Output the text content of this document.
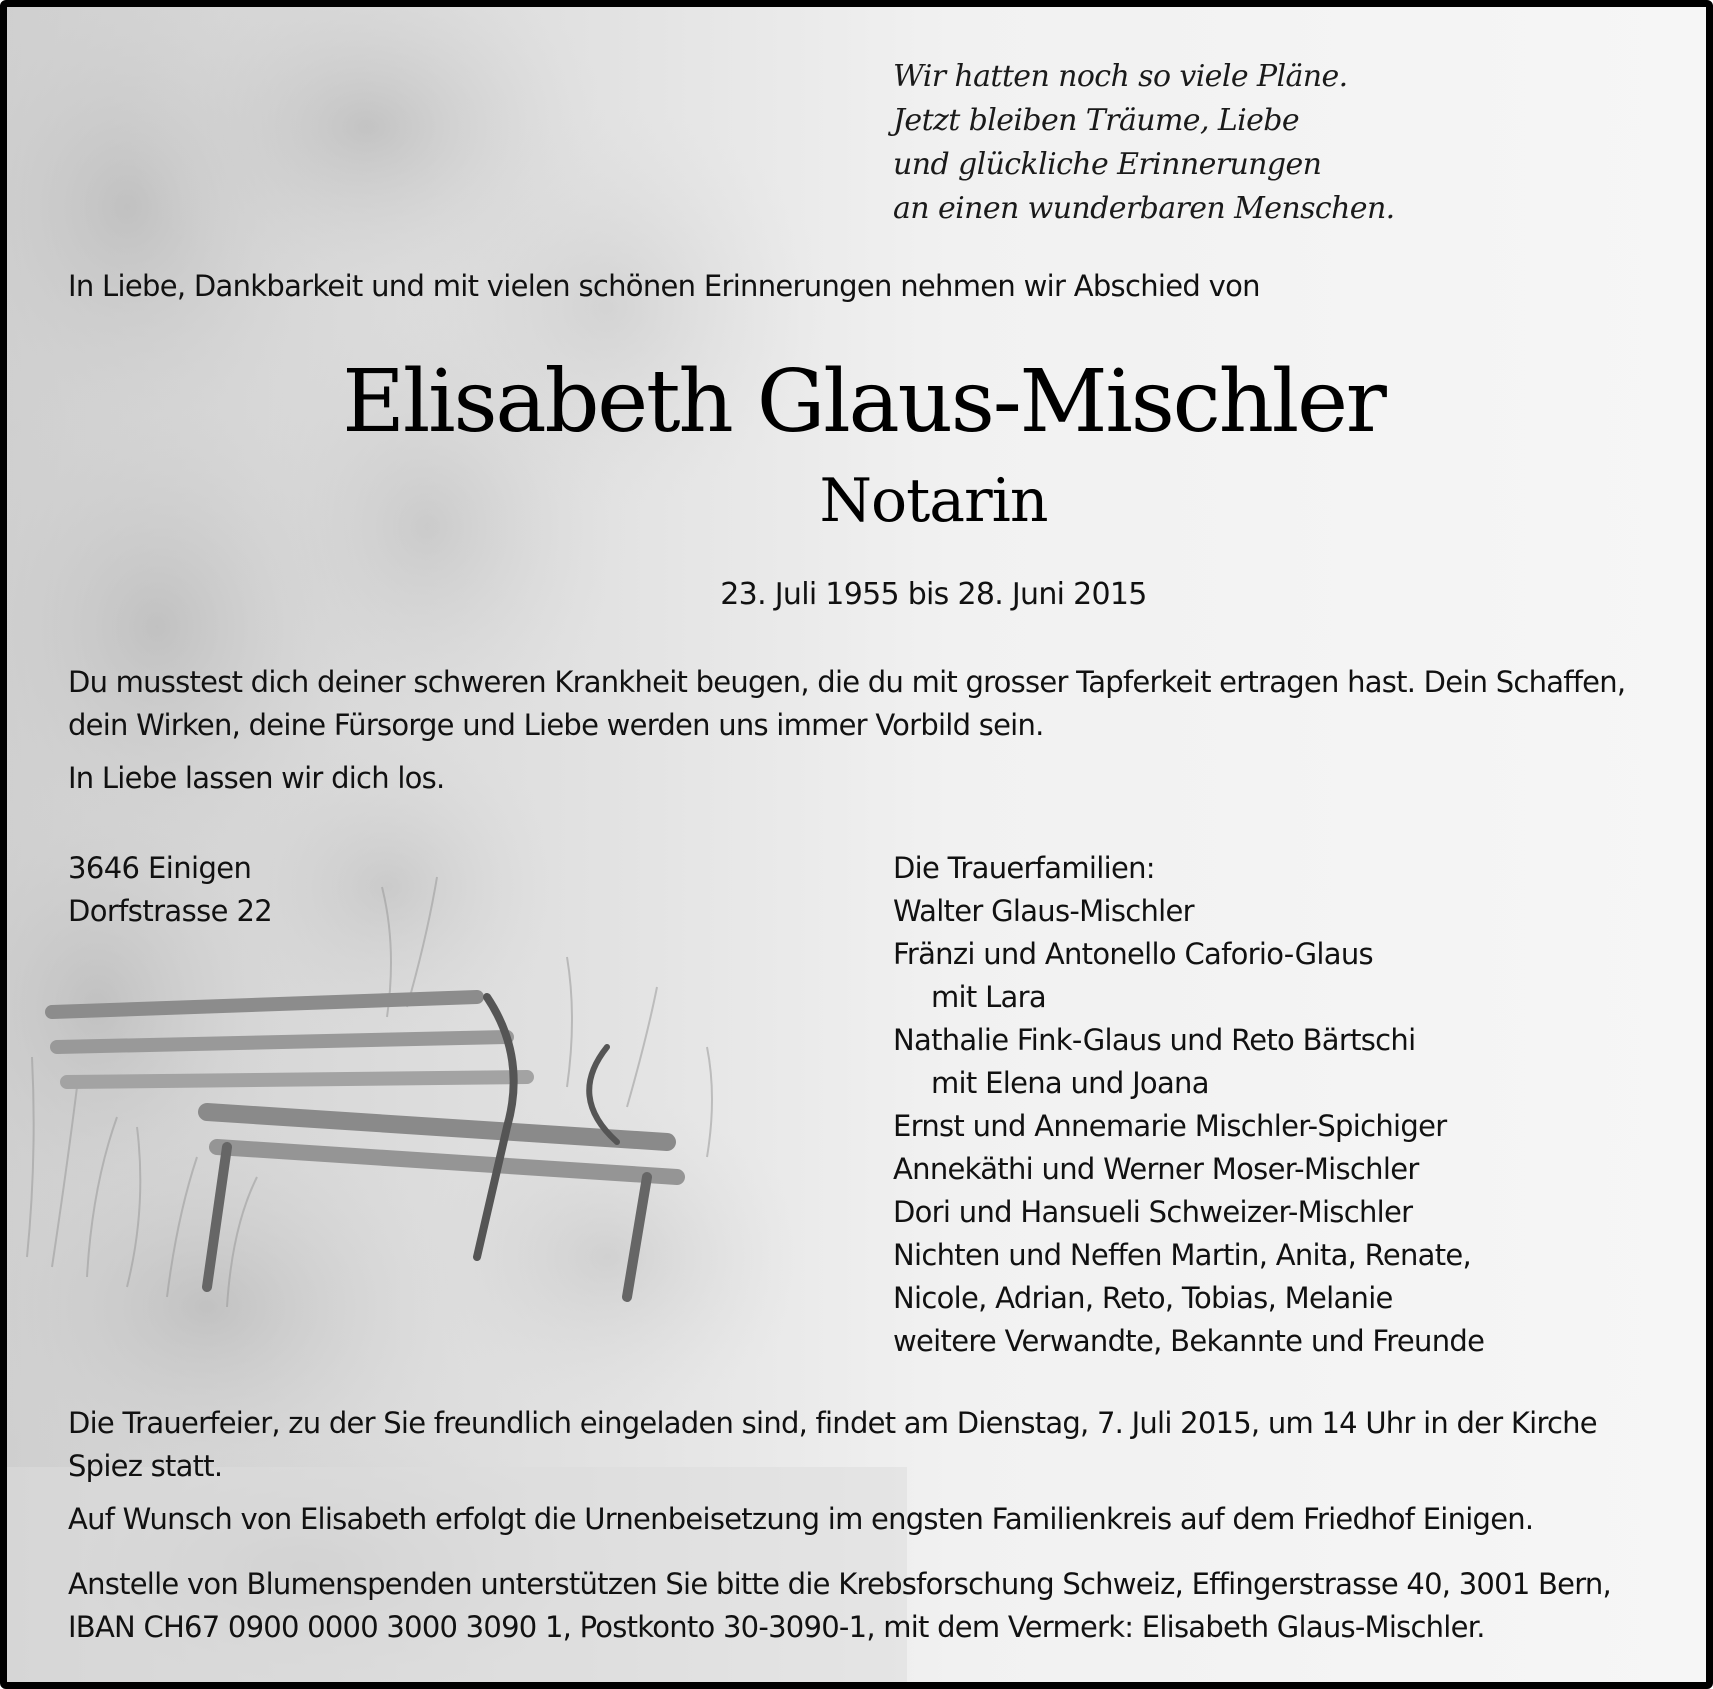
Wir hatten noch so viele Pläne.
Jetzt bleiben Träume, Liebe
und glückliche Erinnerungen
an einen wunderbaren Menschen.
In Liebe, Dankbarkeit und mit vielen schönen Erinnerungen nehmen wir Abschied von
Elisabeth Glaus-Mischler
Notarin
23. Juli 1955 bis 28. Juni 2015
Du musstest dich deiner schweren Krankheit beugen, die du mit grosser Tapferkeit ertragen hast. Dein Schaffen,
dein Wirken, deine Fürsorge und Liebe werden uns immer Vorbild sein.
In Liebe lassen wir dich los.
3646 Einigen
Dorfstrasse 22
Die Trauerfamilien:
Walter Glaus-Mischler
Fränzi und Antonello Caforio-Glaus
mit Lara
Nathalie Fink-Glaus und Reto Bärtschi
mit Elena und Joana
Ernst und Annemarie Mischler-Spichiger
Annekäthi und Werner Moser-Mischler
Dori und Hansueli Schweizer-Mischler
Nichten und Neffen Martin, Anita, Renate,
Nicole, Adrian, Reto, Tobias, Melanie
weitere Verwandte, Bekannte und Freunde
Die Trauerfeier, zu der Sie freundlich eingeladen sind, findet am Dienstag, 7. Juli 2015, um 14 Uhr in der Kirche
Spiez statt.
Auf Wunsch von Elisabeth erfolgt die Urnenbeisetzung im engsten Familienkreis auf dem Friedhof Einigen.
Anstelle von Blumenspenden unterstützen Sie bitte die Krebsforschung Schweiz, Effingerstrasse 40, 3001 Bern,
IBAN CH67 0900 0000 3000 3090 1, Postkonto 30-3090-1, mit dem Vermerk: Elisabeth Glaus-Mischler.
